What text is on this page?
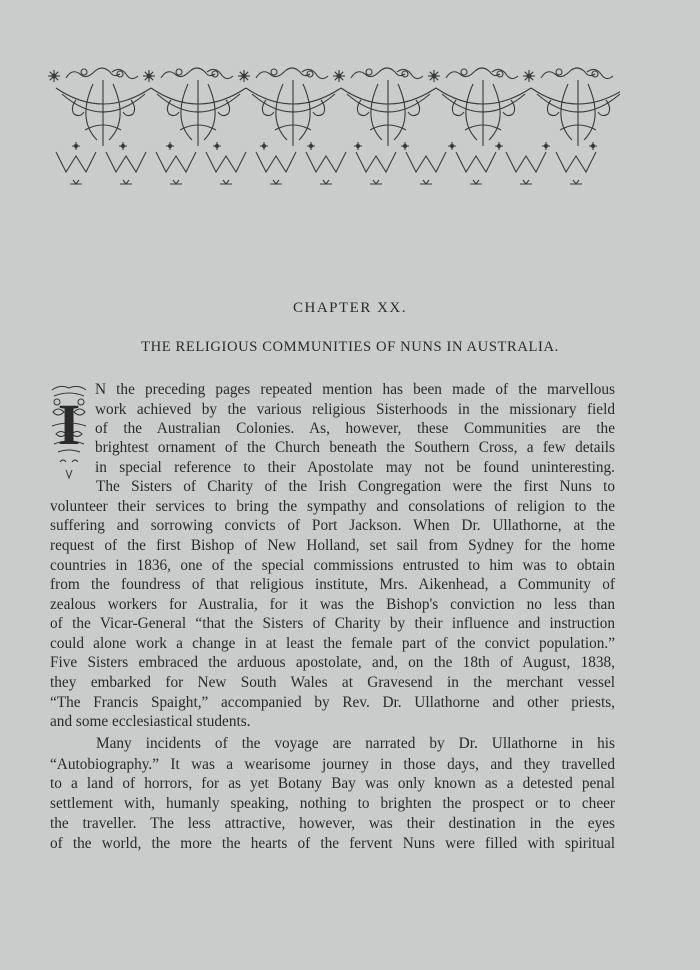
CHAPTER XX.

THE RELIGIOUS COMMUNITIES OF NUNS IN AUSTRALIA.
I

N the preceding pages repeated mention has been made of the marvellous

work achieved by the various religious Sisterhoods in the missionary field

of the Australian Colonies. As, however, these Communities are the

brightest ornament of the Church beneath the Southern Cross, a few details

in special reference to their Apostolate may not be found uninteresting.

The Sisters of Charity of the Irish Congregation were the first Nuns to

volunteer their services to bring the sympathy and consolations of religion to the

suffering and sorrowing convicts of Port Jackson. When Dr. Ullathorne, at the

request of the first Bishop of New Holland, set sail from Sydney for the home

countries in 1836, one of the special commissions entrusted to him was to obtain

from the foundress of that religious institute, Mrs. Aikenhead, a Community of

zealous workers for Australia, for it was the Bishop's conviction no less than

of the Vicar-General “that the Sisters of Charity by their influence and instruction

could alone work a change in at least the female part of the convict population.”

Five Sisters embraced the arduous apostolate, and, on the 18th of August, 1838,

they embarked for New South Wales at Gravesend in the merchant vessel

“The Francis Spaight,” accompanied by Rev. Dr. Ullathorne and other priests,

and some ecclesiastical students.

Many incidents of the voyage are narrated by Dr. Ullathorne in his

“Autobiography.” It was a wearisome journey in those days, and they travelled

to a land of horrors, for as yet Botany Bay was only known as a detested penal

settlement with, humanly speaking, nothing to brighten the prospect or to cheer

the traveller. The less attractive, however, was their destination in the eyes

of the world, the more the hearts of the fervent Nuns were filled with spiritual
